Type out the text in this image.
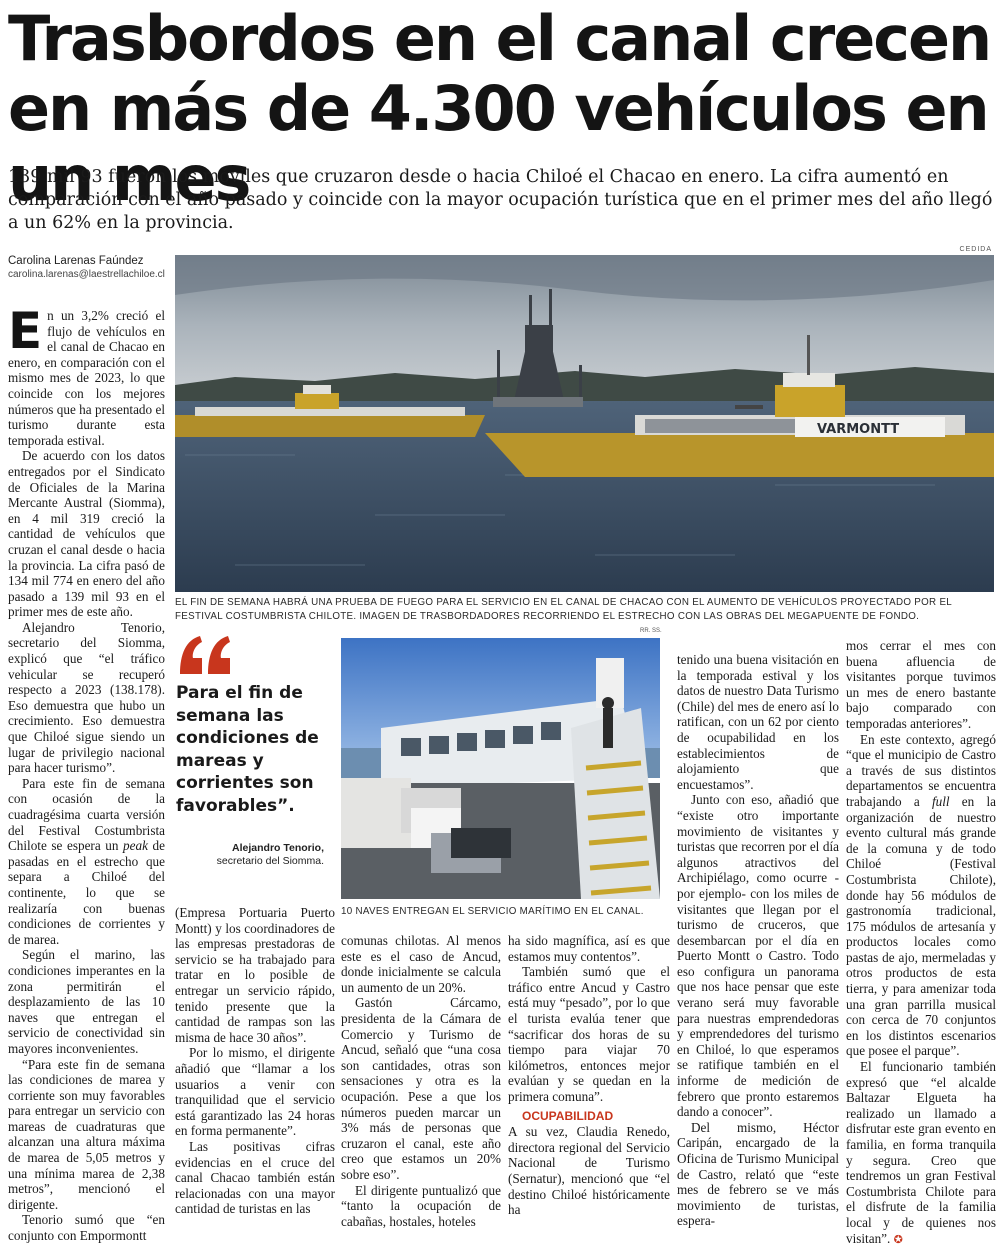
Trasbordos en el canal crecen en más de 4.300 vehículos en un mes

139 mil 93 fueron los móviles que cruzaron desde o hacia Chiloé el Chacao en enero. La cifra aumentó en comparación con el año pasado y coincide con la mayor ocupación turística que en el primer mes del año llegó a un 62% en la provincia.

Carolina Larenas Faúndez
carolina.larenas@laestrellachiloe.cl
CEDIDA
VARMONTT

EL FIN DE SEMANA HABRÁ UNA PRUEBA DE FUEGO PARA EL SERVICIO EN EL CANAL DE CHACAO CON EL AUMENTO DE VEHÍCULOS PROYECTADO POR EL FESTIVAL COSTUMBRISTA CHILOTE. IMAGEN DE TRASBORDADORES RECORRIENDO EL ESTRECHO CON LAS OBRAS DEL MEGAPUENTE DE FONDO.

RR. SS.

Para el fin de semana las condiciones de mareas y corrientes son favorables”.

Alejandro Tenorio,
secretario del Siomma.

10 NAVES ENTREGAN EL SERVICIO MARÍTIMO EN EL CANAL.

En un 3,2% creció el flujo de vehículos en el canal de Chacao en enero, en comparación con el mismo mes de 2023, lo que coincide con los mejores números que ha presentado el turismo durante esta temporada estival.

De acuerdo con los datos entregados por el Sindicato de Oficiales de la Marina Mercante Austral (Siomma), en 4 mil 319 creció la cantidad de vehículos que cruzan el canal desde o hacia la provincia. La cifra pasó de 134 mil 774 en enero del año pasado a 139 mil 93 en el primer mes de este año.

Alejandro Tenorio, secretario del Siomma, explicó que “el tráfico vehicular se recuperó respecto a 2023 (138.178). Eso demuestra que hubo un crecimiento. Eso demuestra que Chiloé sigue siendo un lugar de privilegio nacional para hacer turismo”.

Para este fin de semana con ocasión de la cuadragésima cuarta versión del Festival Costumbrista Chilote se espera un peak de pasadas en el estrecho que separa a Chiloé del continente, lo que se realizaría con buenas condiciones de corrientes y de marea.

Según el marino, las condiciones imperantes en la zona permitirán el desplazamiento de las 10 naves que entregan el servicio de conectividad sin mayores inconvenientes.

“Para este fin de semana las condiciones de marea y corriente son muy favorables para entregar un servicio con mareas de cuadraturas que alcanzan una altura máxima de marea de 5,05 metros y una mínima marea de 2,38 metros”, mencionó el dirigente.

Tenorio sumó que “en conjunto con Empormontt

(Empresa Portuaria Puerto Montt) y los coordinadores de las empresas prestadoras de servicio se ha trabajado para tratar en lo posible de entregar un servicio rápido, tenido presente que la cantidad de rampas son las misma de hace 30 años”.

Por lo mismo, el dirigente añadió que “llamar a los usuarios a venir con tranquilidad que el servicio está garantizado las 24 horas en forma permanente”.

Las positivas cifras evidencias en el cruce del canal Chacao también están relacionadas con una mayor cantidad de turistas en las

comunas chilotas. Al menos este es el caso de Ancud, donde inicialmente se calcula un aumento de un 20%.

Gastón Cárcamo, presidenta de la Cámara de Comercio y Turismo de Ancud, señaló que “una cosa son cantidades, otras son sensaciones y otra es la ocupación. Pese a que los números pueden marcar un 3% más de personas que cruzaron el canal, este año creo que estamos un 20% sobre eso”.

El dirigente puntualizó que “tanto la ocupación de cabañas, hostales, hoteles

ha sido magnífica, así es que estamos muy contentos”.

También sumó que el tráfico entre Ancud y Castro está muy “pesado”, por lo que el turista evalúa tener que “sacrificar dos horas de su tiempo para viajar 70 kilómetros, entonces mejor evalúan y se quedan en la primera comuna”.

OCUPABILIDAD

A su vez, Claudia Renedo, directora regional del Servicio Nacional de Turismo (Sernatur), mencionó que “el destino Chiloé históricamente ha

tenido una buena visitación en la temporada estival y los datos de nuestro Data Turismo (Chile) del mes de enero así lo ratifican, con un 62 por ciento de ocupabilidad en los establecimientos de alojamiento que encuestamos”.

Junto con eso, añadió que “existe otro importante movimiento de visitantes y turistas que recorren por el día algunos atractivos del Archipiélago, como ocurre -por ejemplo- con los miles de visitantes que llegan por el turismo de cruceros, que desembarcan por el día en Puerto Montt o Castro. Todo eso configura un panorama que nos hace pensar que este verano será muy favorable para nuestras emprendedoras y emprendedores del turismo en Chiloé, lo que esperamos se ratifique también en el informe de medición de febrero que pronto estaremos dando a conocer”.

Del mismo, Héctor Caripán, encargado de la Oficina de Turismo Municipal de Castro, relató que “este mes de febrero se ve más movimiento de turistas, espera-

mos cerrar el mes con buena afluencia de visitantes porque tuvimos un mes de enero bastante bajo comparado con temporadas anteriores”.

En este contexto, agregó “que el municipio de Castro a través de sus distintos departamentos se encuentra trabajando a full en la organización de nuestro evento cultural más grande de la comuna y de todo Chiloé (Festival Costumbrista Chilote), donde hay 56 módulos de gastronomía tradicional, 175 módulos de artesanía y productos locales como pastas de ajo, mermeladas y otros productos de esta tierra, y para amenizar toda una gran parrilla musical con cerca de 70 conjuntos en los distintos escenarios que posee el parque”.

El funcionario también expresó que “el alcalde Baltazar Elgueta ha realizado un llamado a disfrutar este gran evento en familia, en forma tranquila y segura. Creo que tendremos un gran Festival Costumbrista Chilote para el disfrute de la familia local y de quienes nos visitan”. ✪
